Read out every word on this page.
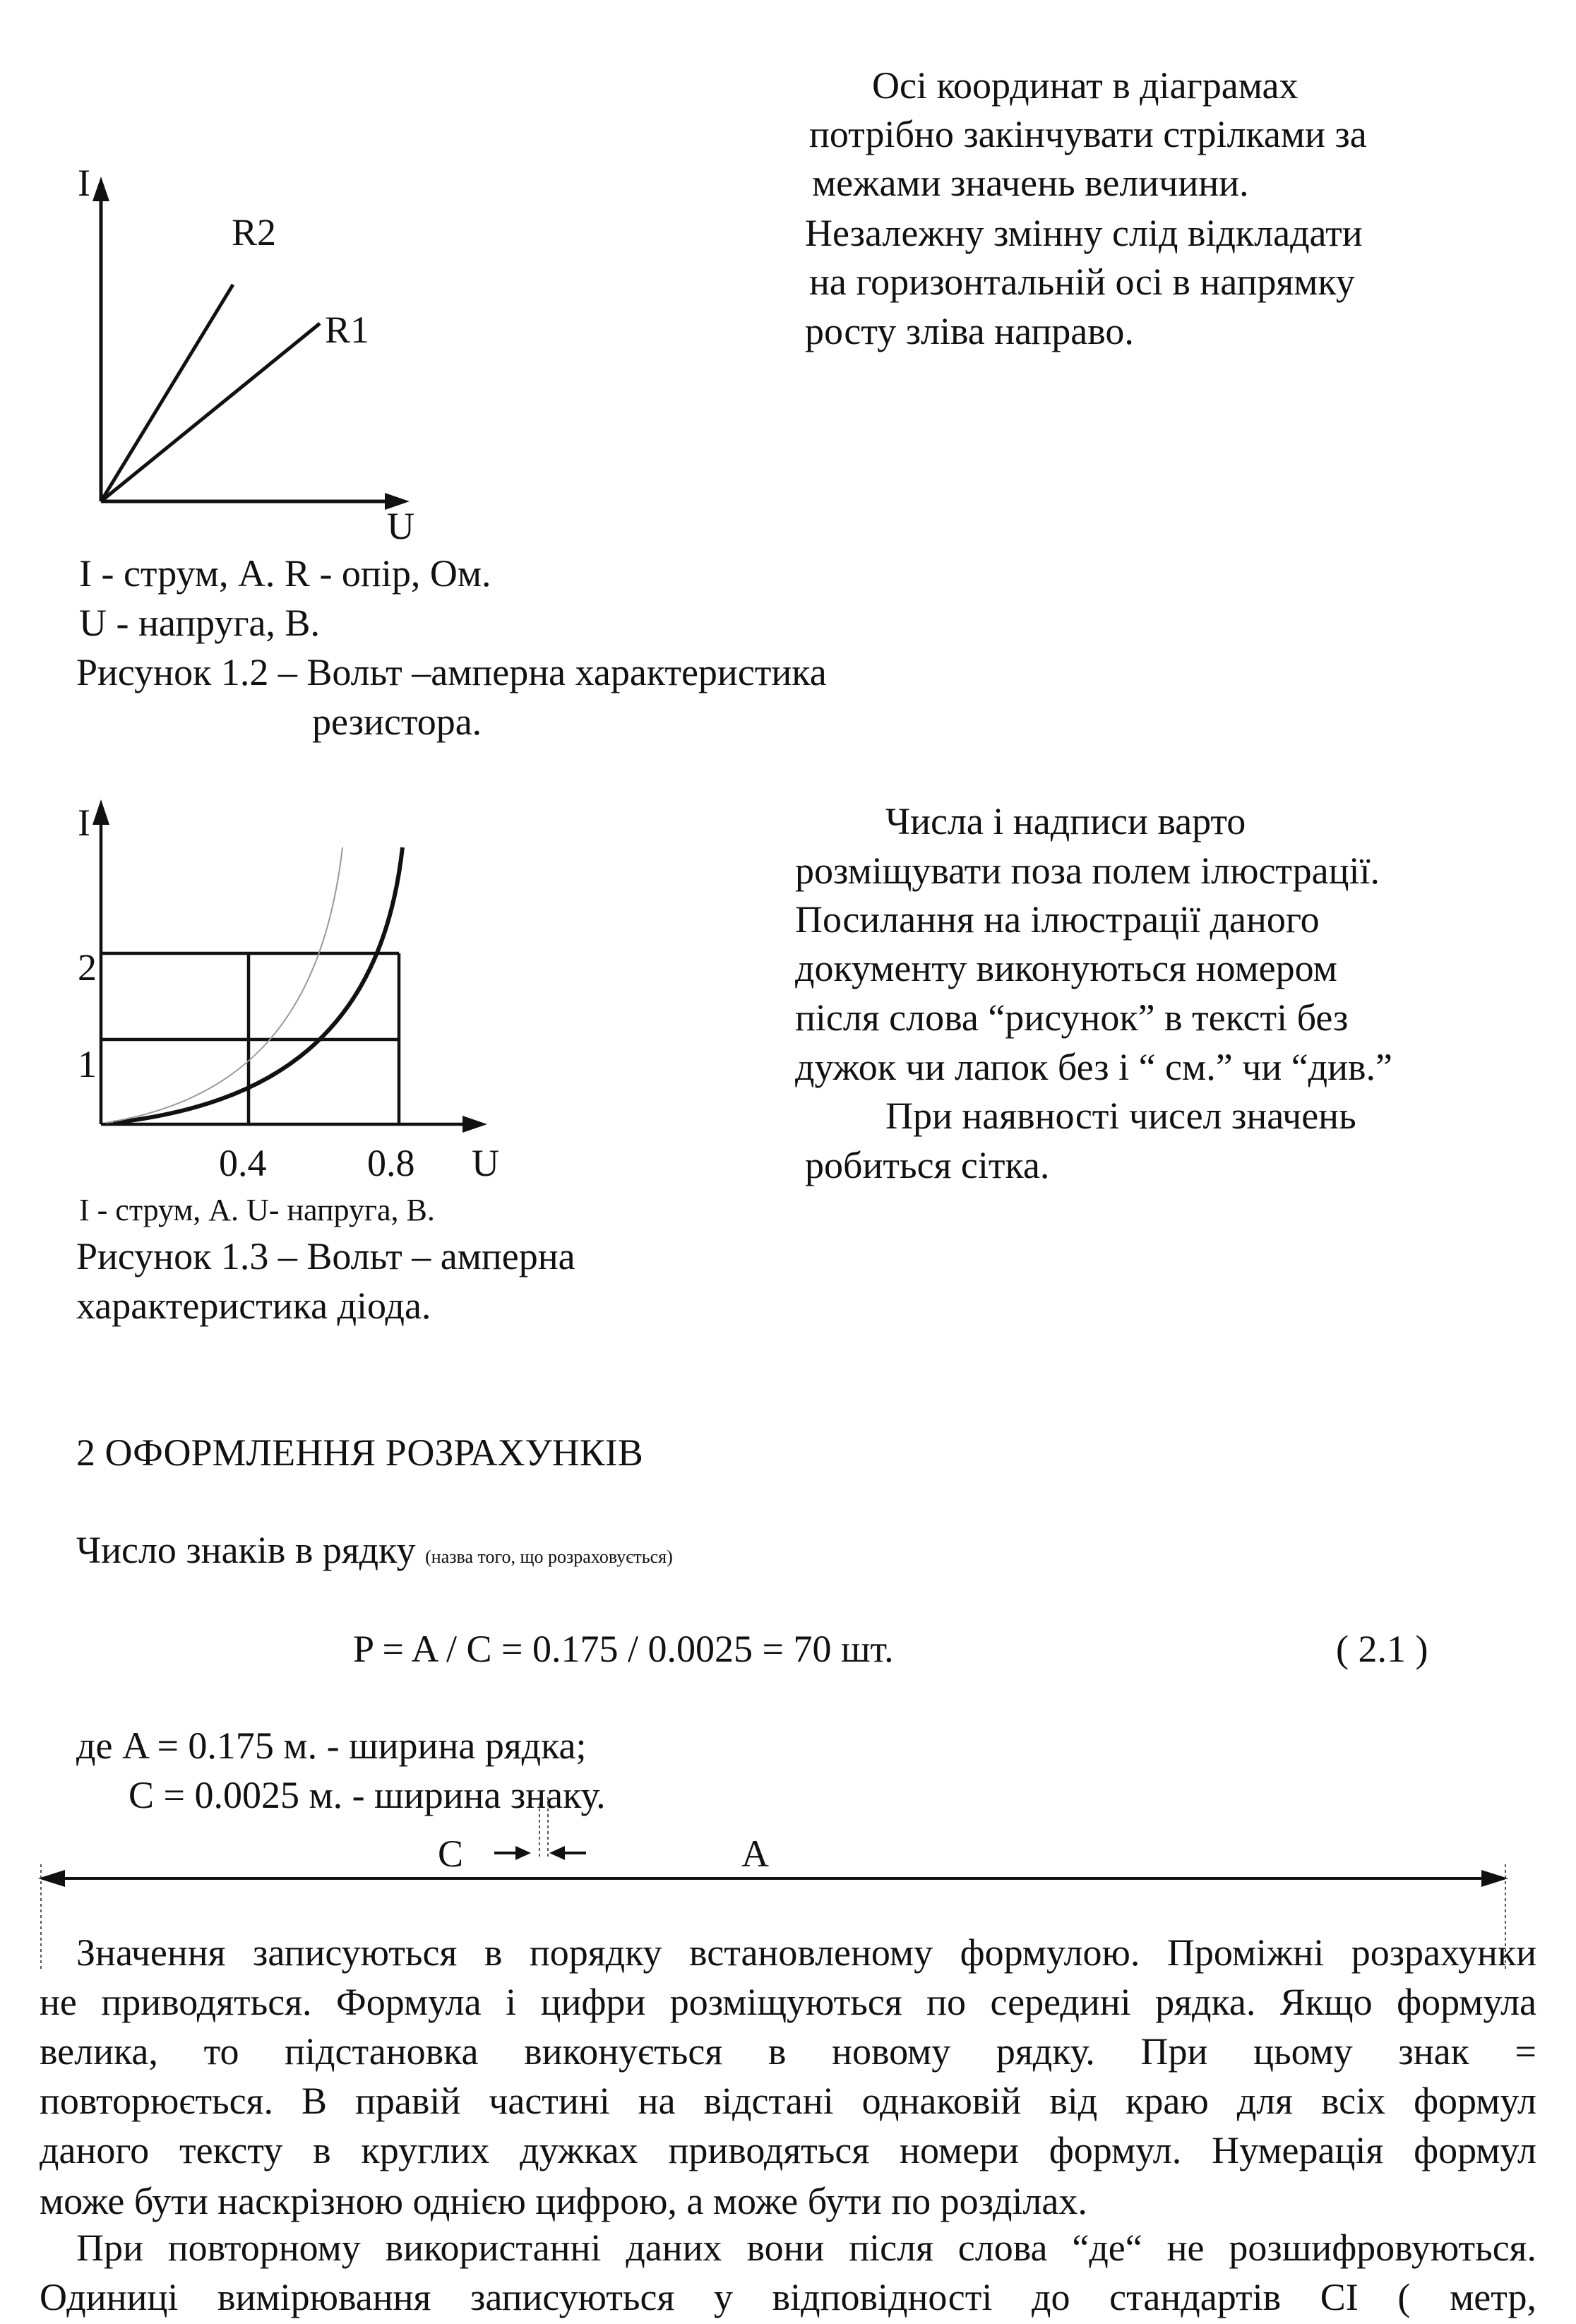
I
U
R2
R1
I - струм, А. R - опір, Ом.
U - напруга, В.
Рисунок 1.2 – Вольт –амперна характеристика
резистора.
Осі координат в діаграмах
потрібно закінчувати стрілками за
межами значень величини.
Незалежну змінну слід відкладати
на горизонтальній осі в напрямку
росту зліва направо.
I
2
1
0.4	0.8 U
I - струм, А. U- напруга, В.
Рисунок 1.3 – Вольт – амперна
характеристика діода.
Числа і надписи варто
розміщувати поза полем ілюстрації.
Посилання на ілюстрації даного
документу виконуються номером
після слова “рисунок” в тексті без
дужок чи лапок без і “ см.” чи “див.”
При наявності чисел значень
робиться сітка.
2 ОФОРМЛЕННЯ РОЗРАХУНКІВ
Число знаків в рядку (назва того, що розраховується)
P = A / C = 0.175 / 0.0025 = 70 шт.	( 2.1 )
де A = 0.175 м. - ширина рядка;
C = 0.0025 м. - ширина знаку.
C	A
Значення записуються в порядку встановленому формулою. Проміжні розрахунки
не приводяться. Формула і цифри розміщуються по середині рядка. Якщо формула
велика, то підстановка виконується в новому рядку. При цьому знак =
повторюється. В правій частині на відстані однаковій від краю для всіх формул
даного тексту в круглих дужках приводяться номери формул. Нумерація формул
може бути наскрізною однією цифрою, а може бути по розділах.
При повторному використанні даних вони після слова “де“ не розшифровуються.
Одиниці вимірювання записуються у відповідності до стандартів СІ ( метр,
